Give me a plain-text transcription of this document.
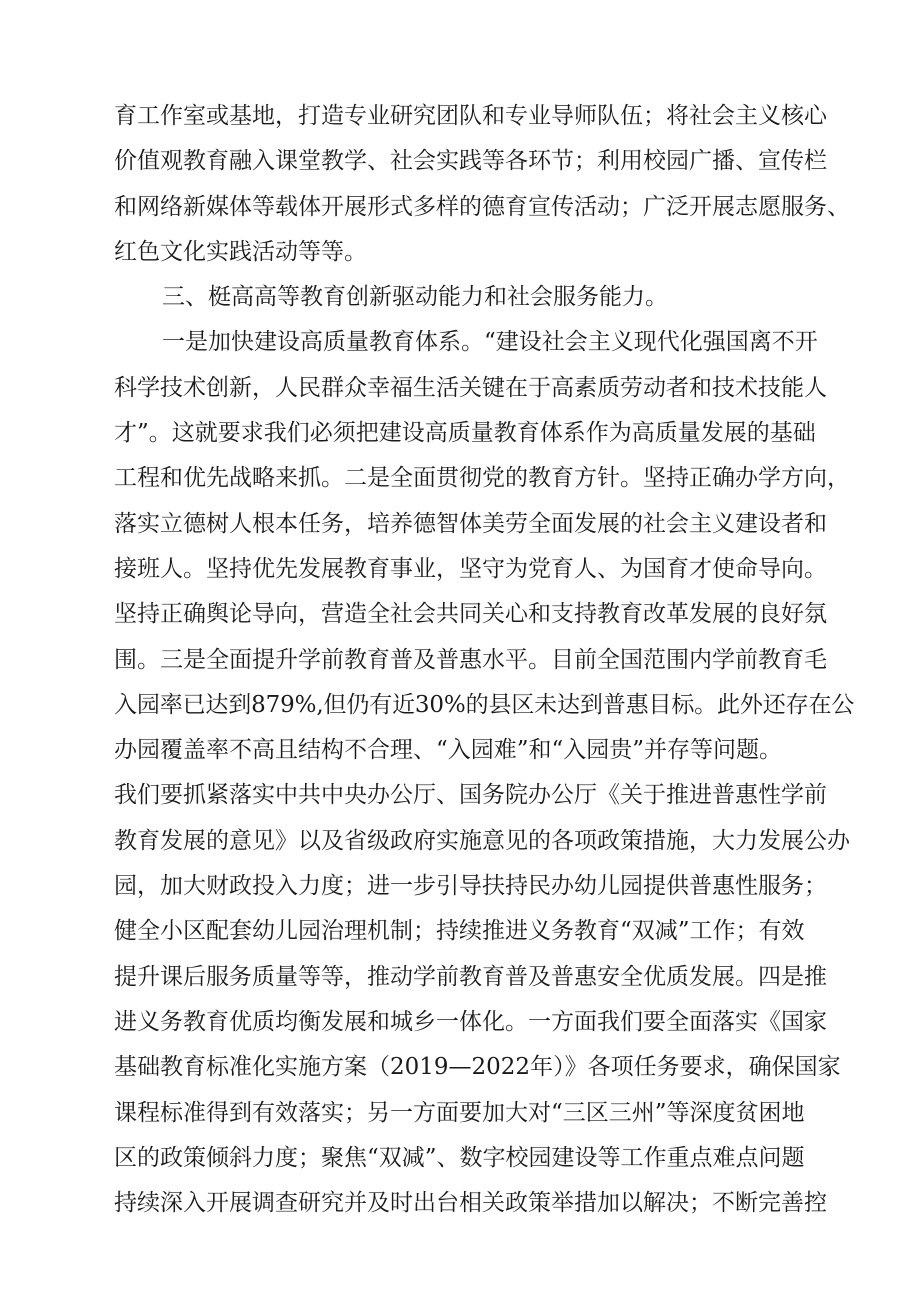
育工作室或基地，打造专业研究团队和专业导师队伍；将社会主义核心
价值观教育融入课堂教学、社会实践等各环节；利用校园广播、宣传栏
和网络新媒体等载体开展形式多样的德育宣传活动；广泛开展志愿服务、
红色文化实践活动等等。
三、梃高高等教育创新驱动能力和社会服务能力。
一是加快建设高质量教育体系。“建设社会主义现代化强国离不开
科学技术创新，人民群众幸福生活关键在于高素质劳动者和技术技能人
才”。这就要求我们必须把建设高质量教育体系作为高质量发展的基础
工程和优先战略来抓。二是全面贯彻党的教育方针。坚持正确办学方向，
落实立德树人根本任务，培养德智体美劳全面发展的社会主义建设者和
接班人。坚持优先发展教育事业，坚守为党育人、为国育才使命导向。
坚持正确舆论导向，营造全社会共同关心和支持教育改革发展的良好氛
围。三是全面提升学前教育普及普惠水平。目前全国范围内学前教育毛
入园率已达到879%,但仍有近30%的县区未达到普惠目标。此外还存在公
办园覆盖率不高且结构不合理、“入园难”和“入园贵”并存等问题。
我们要抓紧落实中共中央办公厅、国务院办公厅《关于推进普惠性学前
教育发展的意见》以及省级政府实施意见的各项政策措施，大力发展公办
园，加大财政投入力度；进一步引导扶持民办幼儿园提供普惠性服务；
健全小区配套幼儿园治理机制；持续推进义务教育“双减”工作；有效
提升课后服务质量等等，推动学前教育普及普惠安全优质发展。四是推
进义务教育优质均衡发展和城乡一体化。一方面我们要全面落实《国家
基础教育标准化实施方案（2019—2022年）》各项任务要求，确保国家
课程标准得到有效落实；另一方面要加大对“三区三州”等深度贫困地
区的政策倾斜力度；聚焦“双减”、数字校园建设等工作重点难点问题
持续深入开展调查研究并及时出台相关政策举措加以解决；不断完善控
